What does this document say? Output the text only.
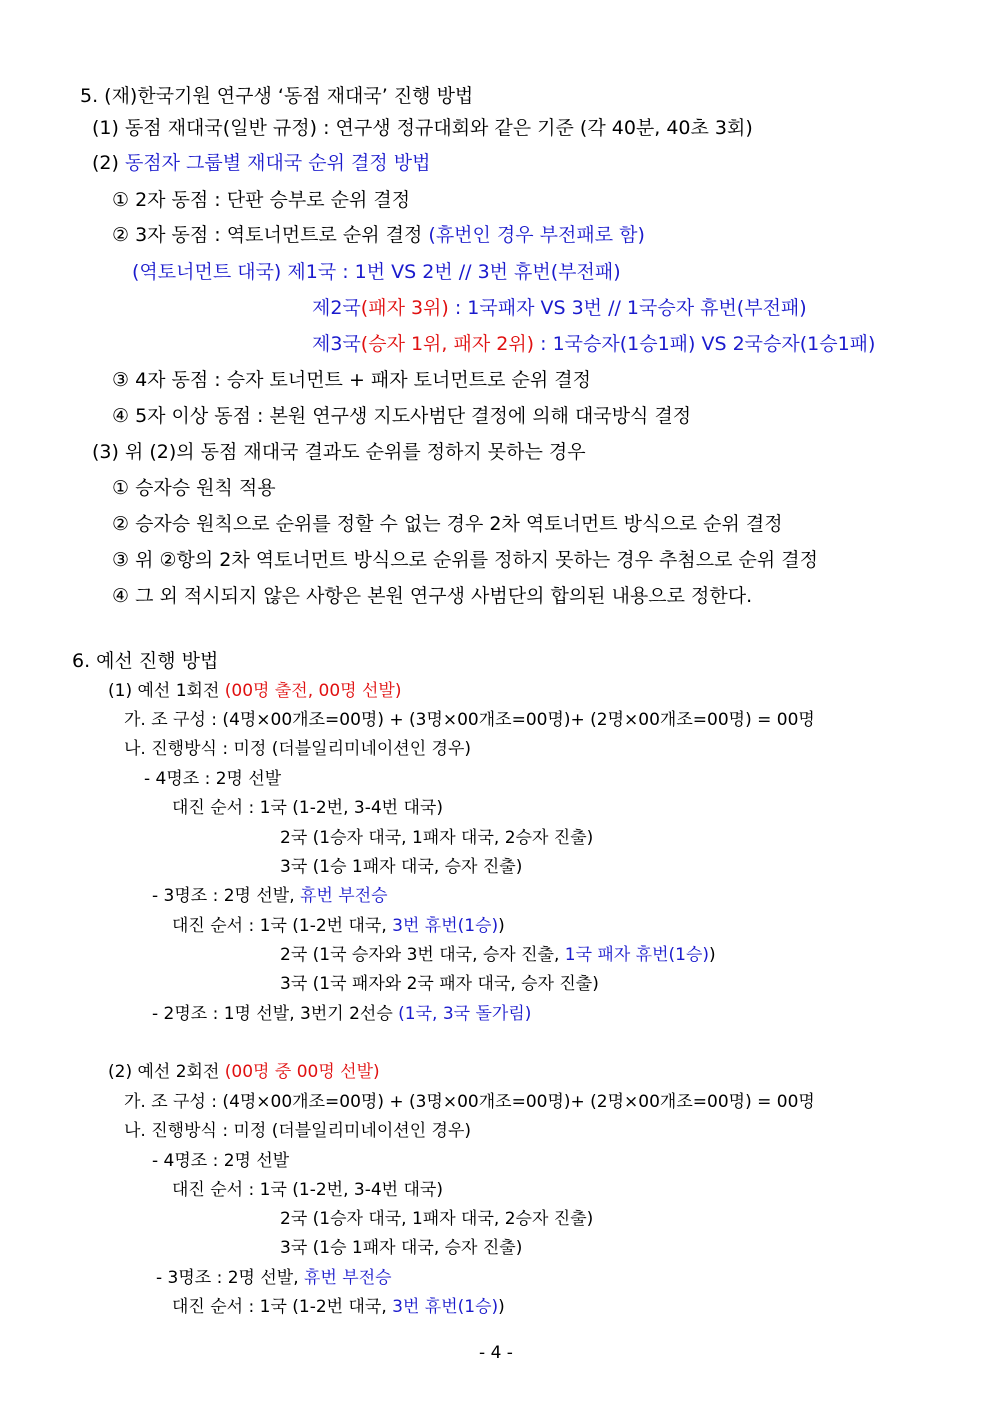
5. (재)한국기원 연구생 ‘동점 재대국’ 진행 방법
(1) 동점 재대국(일반 규정) : 연구생 정규대회와 같은 기준 (각 40분, 40초 3회)
(2) 동점자 그룹별 재대국 순위 결정 방법
① 2자 동점 : 단판 승부로 순위 결정
② 3자 동점 : 역토너먼트로 순위 결정 (휴번인 경우 부전패로 함)
(역토너먼트 대국) 제1국 : 1번 VS 2번 // 3번 휴번(부전패)
제2국(패자 3위) : 1국패자 VS 3번 // 1국승자 휴번(부전패)
제3국(승자 1위, 패자 2위) : 1국승자(1승1패) VS 2국승자(1승1패)
③ 4자 동점 : 승자 토너먼트 + 패자 토너먼트로 순위 결정
④ 5자 이상 동점 : 본원 연구생 지도사범단 결정에 의해 대국방식 결정
(3) 위 (2)의 동점 재대국 결과도 순위를 정하지 못하는 경우
① 승자승 원칙 적용
② 승자승 원칙으로 순위를 정할 수 없는 경우 2차 역토너먼트 방식으로 순위 결정
③ 위 ②항의 2차 역토너먼트 방식으로 순위를 정하지 못하는 경우 추첨으로 순위 결정
④ 그 외 적시되지 않은 사항은 본원 연구생 사범단의 합의된 내용으로 정한다.
6. 예선 진행 방법
(1) 예선 1회전 (00명 출전, 00명 선발)
가. 조 구성 : (4명×00개조=00명) + (3명×00개조=00명)+ (2명×00개조=00명) = 00명
나. 진행방식 : 미정 (더블일리미네이션인 경우)
- 4명조 : 2명 선발
대진 순서 : 1국 (1-2번, 3-4번 대국)
2국 (1승자 대국, 1패자 대국, 2승자 진출)
3국 (1승 1패자 대국, 승자 진출)
- 3명조 : 2명 선발, 휴번 부전승
대진 순서 : 1국 (1-2번 대국, 3번 휴번(1승))
2국 (1국 승자와 3번 대국, 승자 진출, 1국 패자 휴번(1승))
3국 (1국 패자와 2국 패자 대국, 승자 진출)
- 2명조 : 1명 선발, 3번기 2선승 (1국, 3국 돌가림)
(2) 예선 2회전 (00명 중 00명 선발)
가. 조 구성 : (4명×00개조=00명) + (3명×00개조=00명)+ (2명×00개조=00명) = 00명
나. 진행방식 : 미정 (더블일리미네이션인 경우)
- 4명조 : 2명 선발
대진 순서 : 1국 (1-2번, 3-4번 대국)
2국 (1승자 대국, 1패자 대국, 2승자 진출)
3국 (1승 1패자 대국, 승자 진출)
- 3명조 : 2명 선발, 휴번 부전승
대진 순서 : 1국 (1-2번 대국, 3번 휴번(1승))
- 4 -
